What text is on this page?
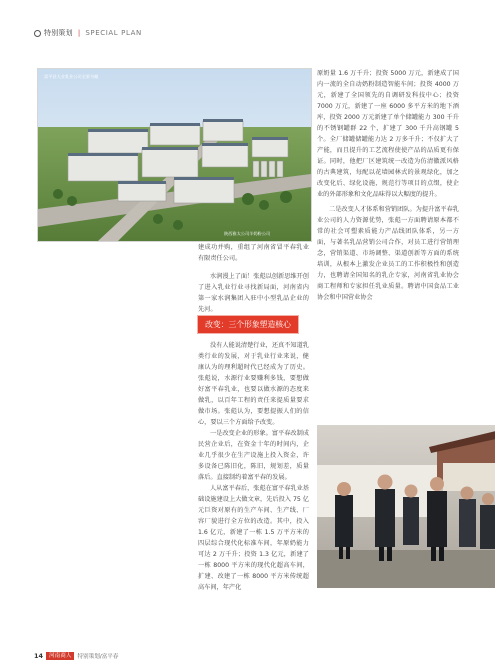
特别策划 | SPECIAL PLAN
富平县大业乳业公司全景鸟瞰
陕西雅太公司羊奶粉公司

建成功并购，重组了河南省冒平春乳业有限责任公司。

水润漫上了面！张彪以创新思维开创了进入乳业行业寻找新局面，河南省内第一家水润集团入驻中小型乳品企业的先河。

改变：三个形象塑造核心

没有人能说清楚行业，还真不知道乳类行业的发展，对于乳业行业来说，健康认为的理利超时代已经成为了历史。张彪说，水源行业要赚利多钱，要想做好富平春乳业，也要以做水源的态度来做乳，以百年工程的责任来提质量要求做市场。张彪认为，要想提振人们的信心，要以三个方面给予改变。

一是改变企业的形象。富平春改制成民营企业后，在资金十年的时间内，企业几乎很少在生产设施上投入资金，许多设备已陈旧化，陈旧，规划差，质量落后。直接制约着富平春的发展。

人从富平春后，张彪在富平春乳业基础设施建设上大做文章，先后投入 75 亿元巨资对原有的生产车间、生产线、厂容厂貌进行全方位的改造。其中，投入 1.6 亿元，新建了一栋 1.5 万平方米的四层综合现代化标准车间，年原奶能力可达 2 万千升；投资 1.3 亿元，新建了一栋 8000 平方米的现代化超高车间，扩建、改建了一栋 8000 平方米传统超高车间，年产化

原奶量 1.6 万千升；投资 5000 万元，新建成了国内一流的全自动奶粉制造智能车间；投资 4000 万元，新建了全国领先的自调研发科技中心；投资 7000 万元，新建了一座 6000 多平方米的地下酒库，投资 2000 万元新建了单个储罐能力 300 千升的不锈钢罐群 22 个，扩建了 300 千升高钢罐 5 个。全厂储罐储罐能力达 2 万多千升；不仅扩大了产能，而且提升的工艺流程使使产品的品质更有保证。同时，他把厂区建筑统一改造为仿清徽派风格的古典建筑，每配以花墙园林式的景观绿化，加之改变化后、绿化设施，规范行等项目的点缀，使企业的外部形象和文化品味得以大幅度的提升。

二是改变人才体系和营销团队。为提升富平春乳业公司的人力资源优势，张彪一方面聘请原本都不常的社会可塑素质能力产品线团队体系，另一方面，与著名乳品营销公司合作，对员工进行营销理念，营销渠道、市场调整、渠道创新等方面的系统培训，从根本上激发企业员工的工作积极性和创造力，也聘请全国知名的乳企专家，河南省乳业协会商工程师和专家担任乳业质量。聘请中国食品工业协会和中国营业协会

14	河南商人	特别策划/富平春
